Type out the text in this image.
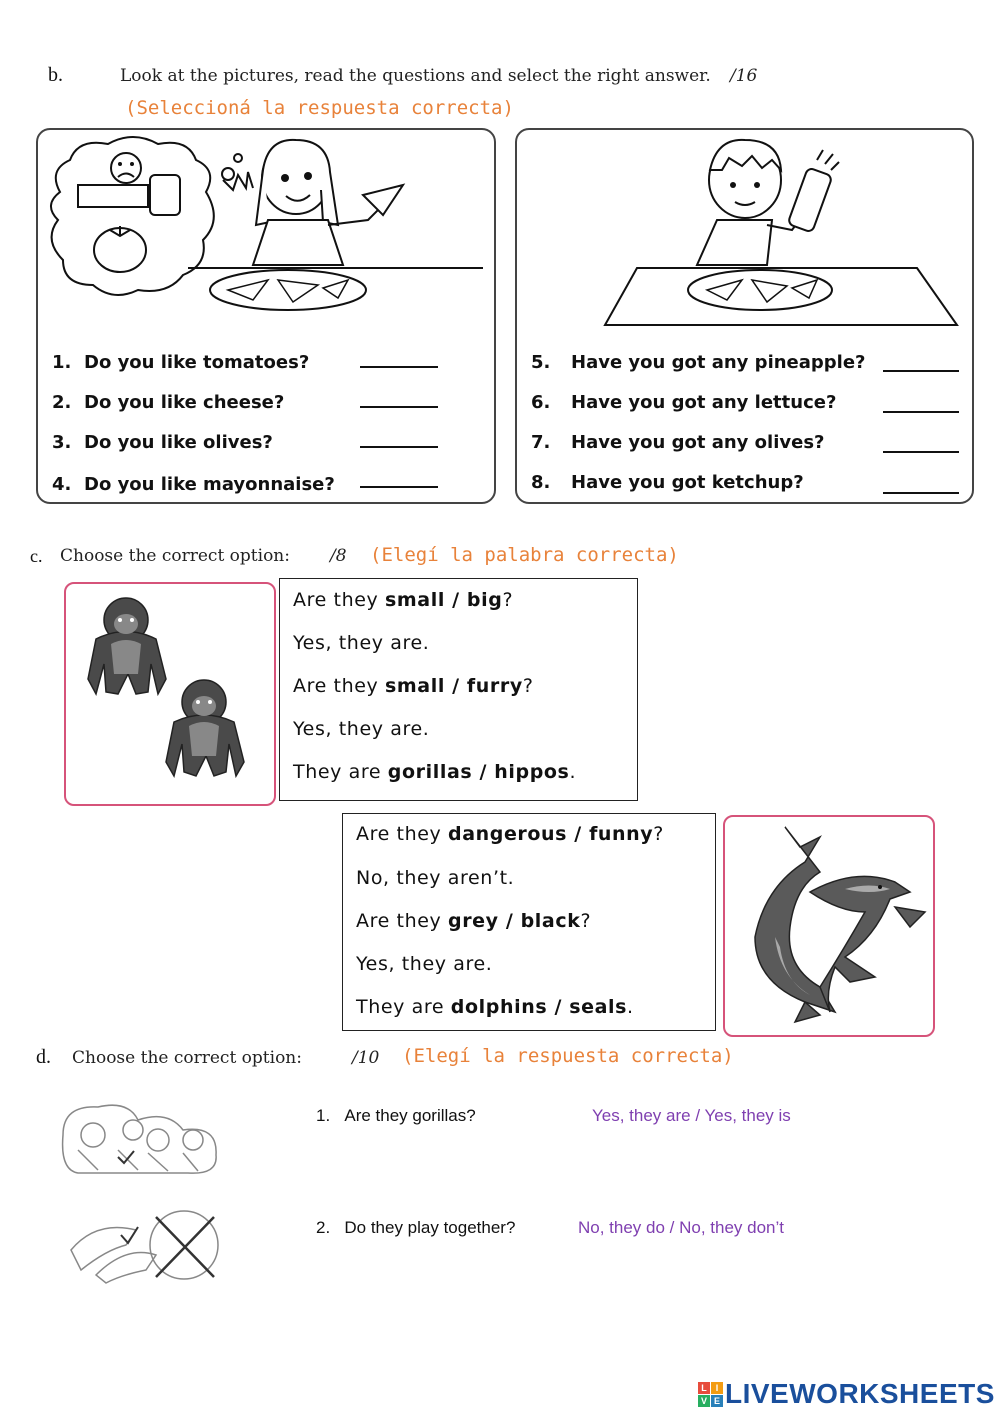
b.	Look at the pictures, read the questions and select the right answer. /16
(Seleccioná la respuesta correcta)
1. Do you like tomatoes?
2. Do you like cheese?
3. Do you like olives?
4. Do you like mayonnaise?
5. Have you got any pineapple?
6. Have you got any lettuce?
7. Have you got any olives?
8. Have you got ketchup?
c. Choose the correct option: /8 (Elegí la palabra correcta)
Are they small / big?
Yes, they are.
Are they small / furry?
Yes, they are.
They are gorillas / hippos.
Are they dangerous / funny?
No, they aren’t.
Are they grey / black?
Yes, they are.
They are dolphins / seals.
d. Choose the correct option:	/10 (Elegí la respuesta correcta)
1. Are they gorillas?	Yes, they are / Yes, they is
2. Do they play together?	No, they do / No, they don’t
L I
V E LIVEWORKSHEETS
